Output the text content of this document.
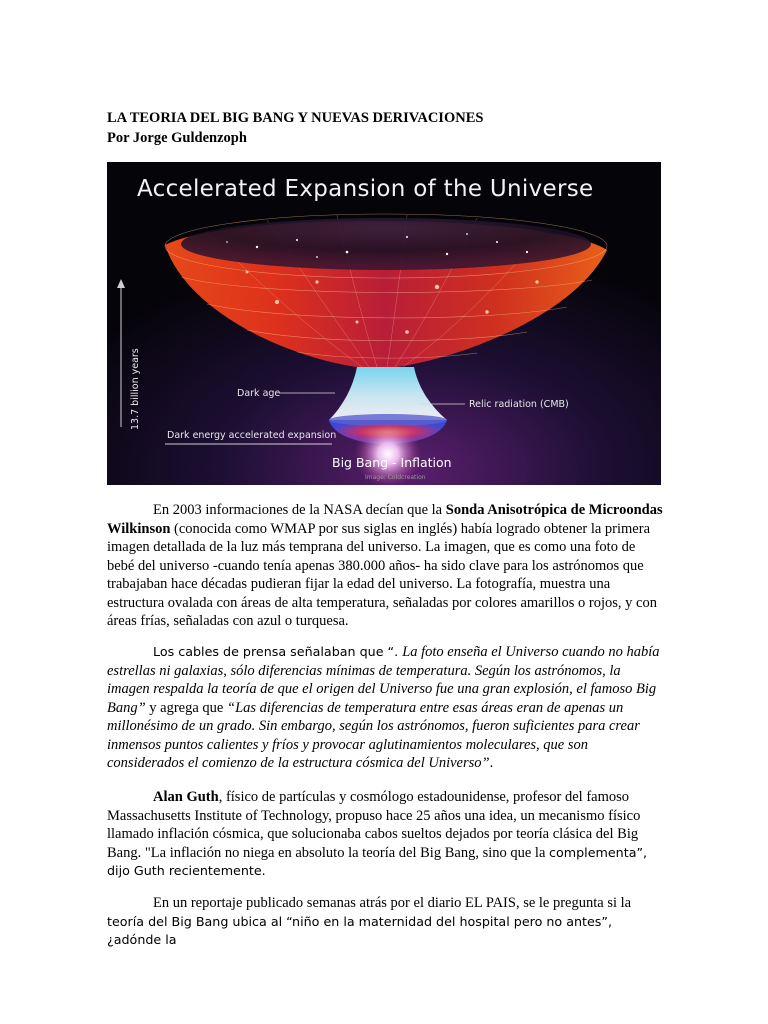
LA TEORIA DEL BIG BANG Y NUEVAS DERIVACIONES
Por Jorge Guldenzoph
Accelerated Expansion of the Universe
13.7 billion years	Dark age
Relic radiation (CMB)
Dark energy accelerated expansion
Big Bang - Inflation
Image: Coldcreation

En 2003 informaciones de la NASA decían que la Sonda Anisotrópica de Microondas Wilkinson (conocida como WMAP por sus siglas en inglés) había logrado obtener la primera imagen detallada de la luz más temprana del universo. La imagen, que es como una foto de bebé del universo -cuando tenía apenas 380.000 años- ha sido clave para los astrónomos que trabajaban hace décadas pudieran fijar la edad del universo. La fotografía, muestra una estructura ovalada con áreas de alta temperatura, señaladas por colores amarillos o rojos, y con áreas frías, señaladas con azul o turquesa.

Los cables de prensa señalaban que “. La foto enseña el Universo cuando no había estrellas ni galaxias, sólo diferencias mínimas de temperatura. Según los astrónomos, la imagen respalda la teoría de que el origen del Universo fue una gran explosión, el famoso Big Bang” y agrega que “Las diferencias de temperatura entre esas áreas eran de apenas un millonésimo de un grado. Sin embargo, según los astrónomos, fueron suficientes para crear inmensos puntos calientes y fríos y provocar aglutinamientos moleculares, que son considerados el comienzo de la estructura cósmica del Universo”.

Alan Guth, físico de partículas y cosmólogo estadounidense, profesor del famoso Massachusetts Institute of Technology, propuso hace 25 años una idea, un mecanismo físico llamado inflación cósmica, que solucionaba cabos sueltos dejados por teoría clásica del Big Bang. "La inflación no niega en absoluto la teoría del Big Bang, sino que la complementa”, dijo Guth recientemente.

En un reportaje publicado semanas atrás por el diario EL PAIS, se le pregunta si la teoría del Big Bang ubica al “niño en la maternidad del hospital pero no antes”, ¿adónde la
